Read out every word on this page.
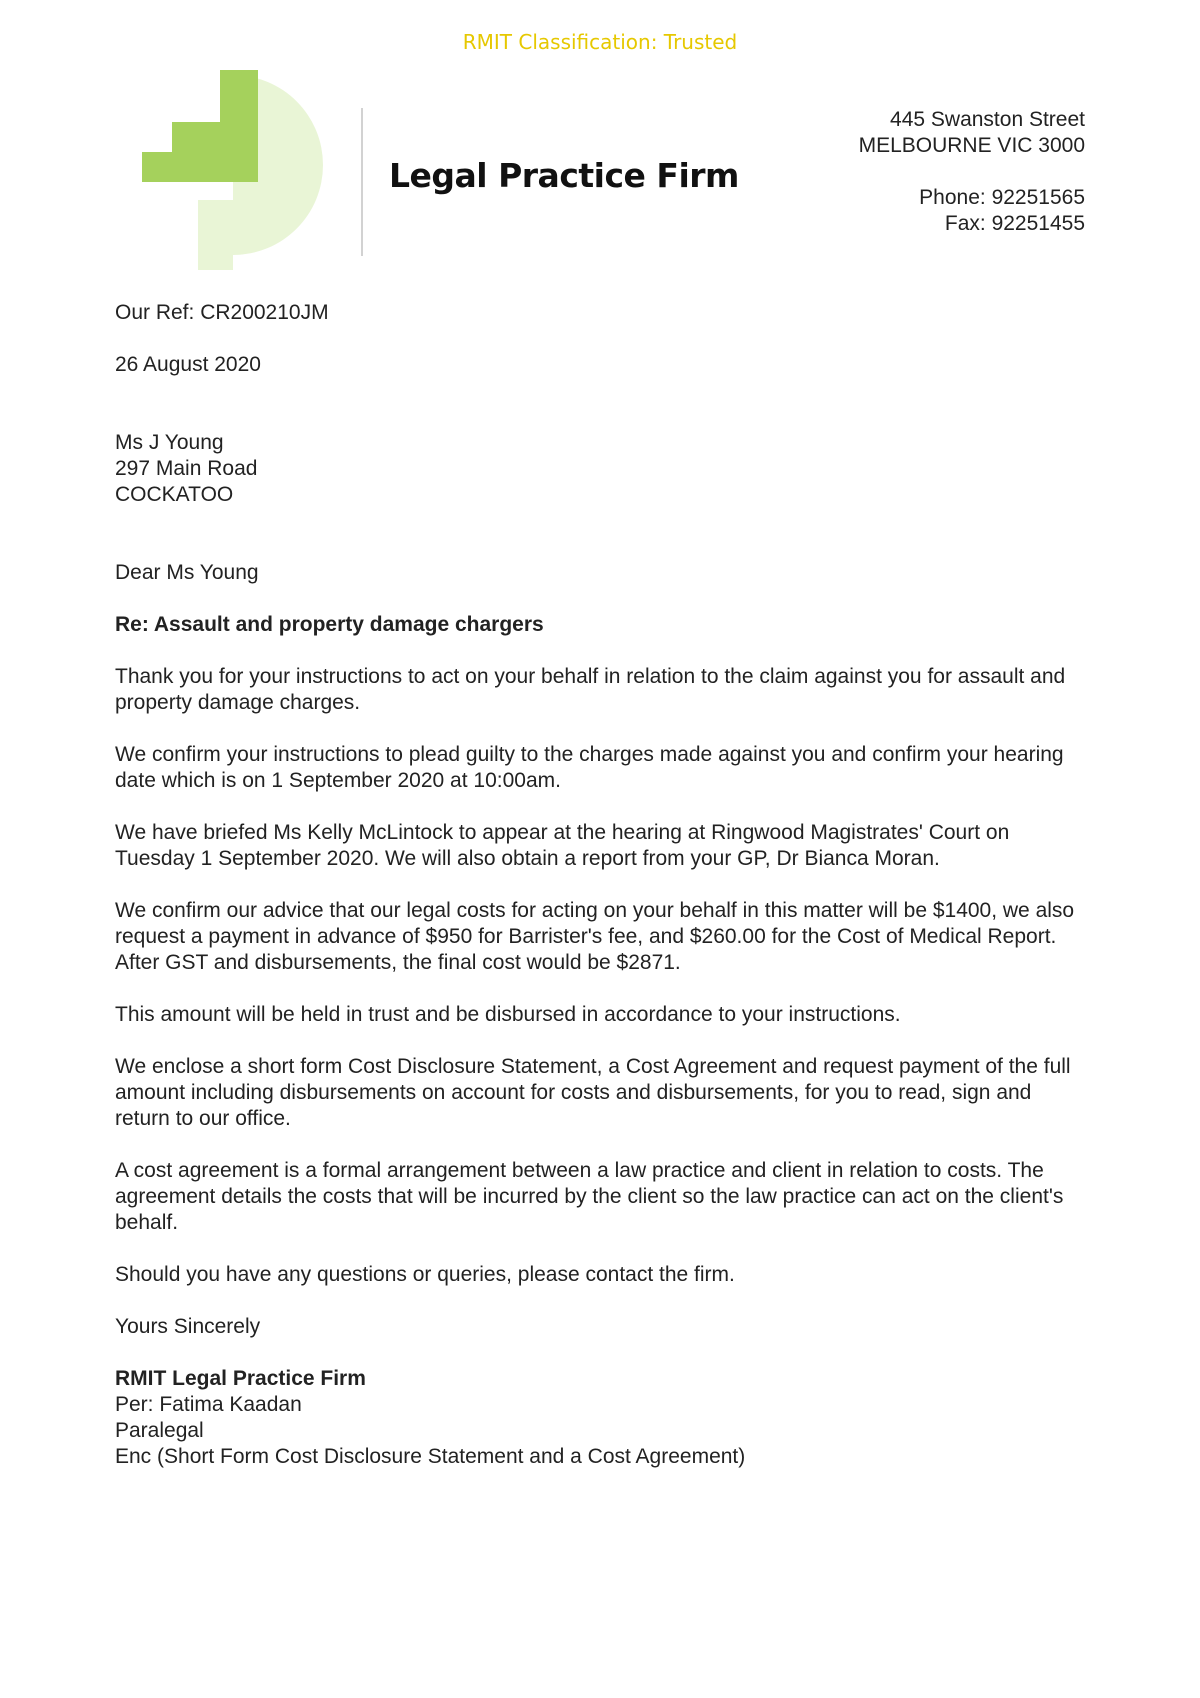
RMIT Classification: Trusted
Legal Practice Firm
445 Swanston Street
MELBOURNE VIC 3000
Phone: 92251565
Fax: 92251455

Our Ref: CR200210JM

26 August 2020

Ms J Young

297 Main Road

COCKATOO

Dear Ms Young

Re: Assault and property damage chargers

Thank you for your instructions to act on your behalf in relation to the claim against you for assault and property damage charges.

We confirm your instructions to plead guilty to the charges made against you and confirm your hearing date which is on 1 September 2020 at 10:00am.

We have briefed Ms Kelly McLintock to appear at the hearing at Ringwood Magistrates' Court on Tuesday 1 September 2020. We will also obtain a report from your GP, Dr Bianca Moran.

We confirm our advice that our legal costs for acting on your behalf in this matter will be $1400, we also request a payment in advance of $950 for Barrister's fee, and $260.00 for the Cost of Medical Report. After GST and disbursements, the final cost would be $2871.

This amount will be held in trust and be disbursed in accordance to your instructions.

We enclose a short form Cost Disclosure Statement, a Cost Agreement and request payment of the full amount including disbursements on account for costs and disbursements, for you to read, sign and return to our office.

A cost agreement is a formal arrangement between a law practice and client in relation to costs. The agreement details the costs that will be incurred by the client so the law practice can act on the client's behalf.

Should you have any questions or queries, please contact the firm.

Yours Sincerely

RMIT Legal Practice Firm

Per: Fatima Kaadan

Paralegal

Enc (Short Form Cost Disclosure Statement and a Cost Agreement)
